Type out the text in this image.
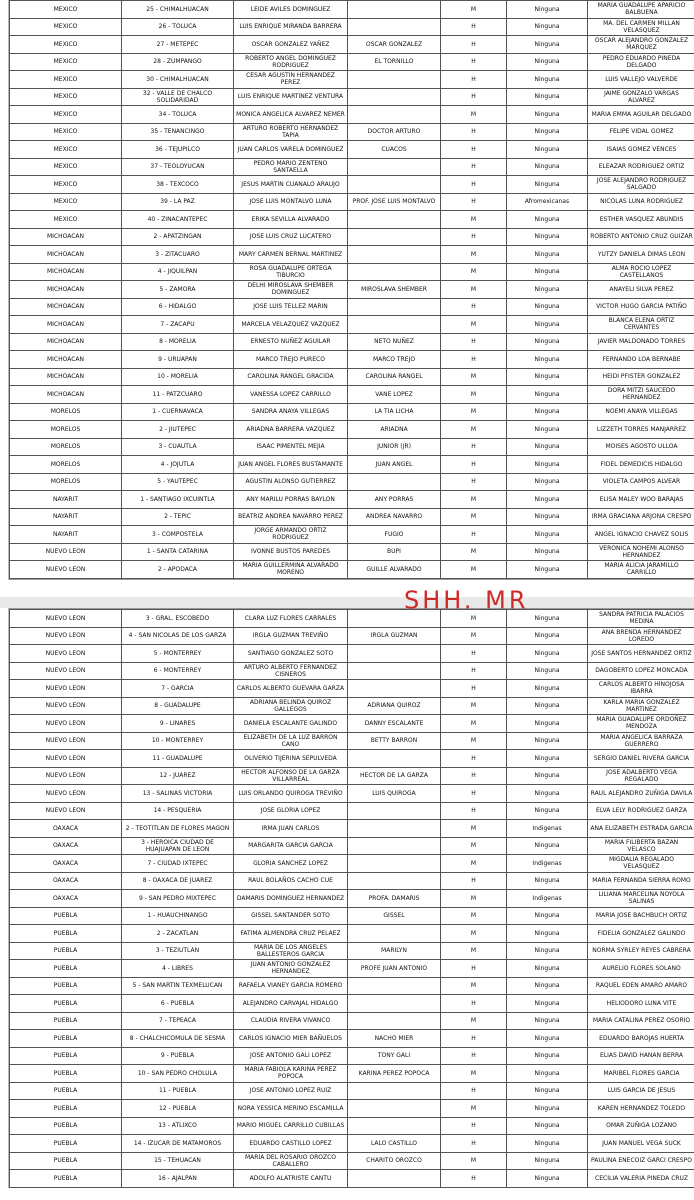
MEXICO	25 - CHIMALHUACAN	LEIDE AVILES DOMINGUEZ		M	Ninguna	MARIA GUADALUPE APARICIO BALBUENA
MEXICO	26 - TOLUCA	LUIS ENRIQUE MIRANDA BARRERA		H	Ninguna	MA. DEL CARMEN MILLAN VELASQUEZ
MEXICO	27 - METEPEC	OSCAR GONZALEZ YAÑEZ	OSCAR GONZALEZ	H	Ninguna	OSCAR ALEJANDRO GONZALEZ MARQUEZ
MEXICO	28 - ZUMPANGO	ROBERTO ANGEL DOMINGUEZ RODRIGUEZ	EL TORNILLO	H	Ninguna	PEDRO EDUARDO PINEDA DELGADO
MEXICO	30 - CHIMALHUACAN	CESAR AGUSTIN HERNANDEZ PEREZ		H	Ninguna	LUIS VALLEJO VALVERDE
MEXICO	32 - VALLE DE CHALCO SOLIDARIDAD	LUIS ENRIQUE MARTINEZ VENTURA		H	Ninguna	JAIME GONZALO VARGAS ALVAREZ
MEXICO	34 - TOLUCA	MONICA ANGELICA ALVAREZ NEMER		M	Ninguna	MARIA EMMA AGUILAR DELGADO
MEXICO	35 - TENANCINGO	ARTURO ROBERTO HERNANDEZ TAPIA	DOCTOR ARTURO	H	Ninguna	FELIPE VIDAL GOMEZ
MEXICO	36 - TEJUPILCO	JUAN CARLOS VARELA DOMINGUEZ	CUACOS	H	Ninguna	ISAIAS GOMEZ VENCES
MEXICO	37 - TEOLOYUCAN	PEDRO MARIO ZENTENO SANTAELLA		H	Ninguna	ELEAZAR RODRIGUEZ ORTIZ
MEXICO	38 - TEXCOCO	JESUS MARTIN CUANALO ARAUJO		H	Ninguna	JOSE ALEJANDRO RODRIGUEZ SALGADO
MEXICO	39 - LA PAZ	JOSE LUIS MONTALVO LUNA	PROF. JOSE LUIS MONTALVO	H	Afromexicanas	NICOLAS LUNA RODRIGUEZ
MEXICO	40 - ZINACANTEPEC	ERIKA SEVILLA ALVARADO		M	Ninguna	ESTHER VASQUEZ ABUNDIS
MICHOACAN	2 - APATZINGAN	JOSE LUIS CRUZ LUCATERO		H	Ninguna	ROBERTO ANTONIO CRUZ GUIZAR
MICHOACAN	3 - ZITACUARO	MARY CARMEN BERNAL MARTINEZ		M	Ninguna	YUTZY DANIELA DIMAS LEON
MICHOACAN	4 - JIQUILPAN	ROSA GUADALUPE ORTEGA TIBURCIO		M	Ninguna	ALMA ROCIO LOPEZ CASTELLANOS
MICHOACAN	5 - ZAMORA	DELHI MIROSLAVA SHEMBER DOMINGUEZ	MIROSLAVA SHEMBER	M	Ninguna	ANAYELI SILVA PEREZ
MICHOACAN	6 - HIDALGO	JOSE LUIS TELLEZ MARIN		H	Ninguna	VICTOR HUGO GARCIA PATIÑO
MICHOACAN	7 - ZACAPU	MARCELA VELAZQUEZ VAZQUEZ		M	Ninguna	BLANCA ELENA ORTIZ CERVANTES
MICHOACAN	8 - MORELIA	ERNESTO NUÑEZ AGUILAR	NETO NUÑEZ	H	Ninguna	JAVIER MALDONADO TORRES
MICHOACAN	9 - URUAPAN	MARCO TREJO PURECO	MARCO TREJO	H	Ninguna	FERNANDO LOA BERNABE
MICHOACAN	10 - MORELIA	CAROLINA RANGEL GRACIDA	CAROLINA RANGEL	M	Ninguna	HEIDI PFISTER GONZALEZ
MICHOACAN	11 - PATZCUARO	VANESSA LOPEZ CARRILLO	VANE LOPEZ	M	Ninguna	DORA MITZI SAUCEDO HERNANDEZ
MORELOS	1 - CUERNAVACA	SANDRA ANAYA VILLEGAS	LA TIA LICHA	M	Ninguna	NOEMI ANAYA VILLEGAS
MORELOS	2 - JIUTEPEC	ARIADNA BARRERA VAZQUEZ	ARIADNA	M	Ninguna	LIZZETH TORRES MANJARREZ
MORELOS	3 - CUAUTLA	ISAAC PIMENTEL MEJIA	JUNIOR (JR)	H	Ninguna	MOISES AGOSTO ULLOA
MORELOS	4 - JOJUTLA	JUAN ANGEL FLORES BUSTAMANTE	JUAN ANGEL	H	Ninguna	FIDEL DEMEDICIS HIDALGO
MORELOS	5 - YAUTEPEC	AGUSTIN ALONSO GUTIERREZ		H	Ninguna	VIOLETA CAMPOS ALVEAR
NAYARIT	1 - SANTIAGO IXCUINTLA	ANY MARILU PORRAS BAYLON	ANY PORRAS	M	Ninguna	ELISA MALEY WOO BARAJAS
NAYARIT	2 - TEPIC	BEATRIZ ANDREA NAVARRO PEREZ	ANDREA NAVARRO	M	Ninguna	IRMA GRACIANA ARJONA CRESPO
NAYARIT	3 - COMPOSTELA	JORGE ARMANDO ORTIZ RODRIGUEZ	FUGIO	H	Ninguna	ANGEL IGNACIO CHAVEZ SOLIS
NUEVO LEON	1 - SANTA CATARINA	IVONNE BUSTOS PAREDES	BUPI	M	Ninguna	VERONICA NOHEMI ALONSO HERNANDEZ
NUEVO LEON	2 - APODACA	MARIA GUILLERMINA ALVARADO MORENO	GUILLE ALVARADO	M	Ninguna	MARIA ALICIA JARAMILLO CARRILLO
NUEVO LEON	3 - GRAL. ESCOBEDO	CLARA LUZ FLORES CARRALES		M	Ninguna	SANDRA PATRICIA PALACIOS MEDINA
NUEVO LEON	4 - SAN NICOLAS DE LOS GARZA	IRGLA GUZMAN TREVIÑO	IRGLA GUZMAN	M	Ninguna	ANA BRENDA HERNANDEZ LOREDO
NUEVO LEON	5 - MONTERREY	SANTIAGO GONZALEZ SOTO		H	Ninguna	JOSE SANTOS HERNANDEZ ORTIZ
NUEVO LEON	6 - MONTERREY	ARTURO ALBERTO FERNANDEZ CISNEROS		H	Ninguna	DAGOBERTO LOPEZ MONCADA
NUEVO LEON	7 - GARCIA	CARLOS ALBERTO GUEVARA GARZA		H	Ninguna	CARLOS ALBERTO HINOJOSA IBARRA
NUEVO LEON	8 - GUADALUPE	ADRIANA BELINDA QUIROZ GALLEGOS	ADRIANA QUIROZ	M	Ninguna	KARLA MARIA GONZALEZ MARTINEZ
NUEVO LEON	9 - LINARES	DANIELA ESCALANTE GALINDO	DANNY ESCALANTE	M	Ninguna	MARIA GUADALUPE ORDOÑEZ MENDOZA
NUEVO LEON	10 - MONTERREY	ELIZABETH DE LA LUZ BARRON CANO	BETTY BARRON	M	Ninguna	MARIA ANGELICA BARRAZA GUERRERO
NUEVO LEON	11 - GUADALUPE	OLIVERIO TIJERINA SEPULVEDA		H	Ninguna	SERGIO DANIEL RIVERA GARCIA
NUEVO LEON	12 - JUAREZ	HECTOR ALFONSO DE LA GARZA VILLARREAL	HECTOR DE LA GARZA	H	Ninguna	JOSE ADALBERTO VEGA REGALADO
NUEVO LEON	13 - SALINAS VICTORIA	LUIS ORLANDO QUIROGA TREVIÑO	LUIS QUIROGA	H	Ninguna	RAUL ALEJANDRO ZUÑIGA DAVILA
NUEVO LEON	14 - PESQUERIA	JOSE GLORIA LOPEZ		H	Ninguna	ELVA LELY RODRIGUEZ GARZA
OAXACA	2 - TEOTITLAN DE FLORES MAGON	IRMA JUAN CARLOS		M	Indigenas	ANA ELIZABETH ESTRADA GARCIA
OAXACA	3 - HEROICA CIUDAD DE HUAJUAPAN DE LEON	MARGARITA GARCIA GARCIA		M	Ninguna	MARIA FILIBERTA BAZAN VELASCO
OAXACA	7 - CIUDAD IXTEPEC	GLORIA SANCHEZ LOPEZ		M	Indigenas	MIGDALIA REGALADO VELASQUEZ
OAXACA	8 - OAXACA DE JUAREZ	RAUL BOLAÑOS CACHO CUE		H	Ninguna	MARIA FERNANDA SIERRA ROMO
OAXACA	9 - SAN PEDRO MIXTEPEC	DAMARIS DOMINGUEZ HERNANDEZ	PROFA. DAMARIS	M	Indigenas	LILIANA MARCELINA NOYOLA SALINAS
PUEBLA	1 - HUAUCHINANGO	GISSEL SANTANDER SOTO	GISSEL	M	Ninguna	MARIA JOSE BACHBUCH ORTIZ
PUEBLA	2 - ZACATLAN	FATIMA ALMENDRA CRUZ PELAEZ		M	Ninguna	FIDELIA GONZALEZ GALINDO
PUEBLA	3 - TEZIUTLAN	MARIA DE LOS ANGELES BALLESTEROS GARCIA	MARILYN	M	Ninguna	NORMA SYRLEY REYES CABRERA
PUEBLA	4 - LIBRES	JUAN ANTONIO GONZALEZ HERNANDEZ	PROFE JUAN ANTONIO	H	Ninguna	AURELIO FLORES SOLANO
PUEBLA	5 - SAN MARTIN TEXMELUCAN	RAFAELA VIANEY GARCIA ROMERO		M	Ninguna	RAQUEL EDEN AMARO AMARO
PUEBLA	6 - PUEBLA	ALEJANDRO CARVAJAL HIDALGO		H	Ninguna	HELIODORO LUNA VITE
PUEBLA	7 - TEPEACA	CLAUDIA RIVERA VIVANCO		M	Ninguna	MARIA CATALINA PEREZ OSORIO
PUEBLA	8 - CHALCHICOMULA DE SESMA	CARLOS IGNACIO MIER BAÑUELOS	NACHO MIER	H	Ninguna	EDUARDO BAROJAS HUERTA
PUEBLA	9 - PUEBLA	JOSE ANTONIO GALI LOPEZ	TONY GALI	H	Ninguna	ELIAS DAVID HANAN BERRA
PUEBLA	10 - SAN PEDRO CHOLULA	MARIA FABIOLA KARINA PEREZ POPOCA	KARINA PEREZ POPOCA	M	Ninguna	MARIBEL FLORES GARCIA
PUEBLA	11 - PUEBLA	JOSE ANTONIO LOPEZ RUIZ		H	Ninguna	LUIS GARCIA DE JESUS
PUEBLA	12 - PUEBLA	NORA YESSICA MERINO ESCAMILLA		M	Ninguna	KAREN HERNANDEZ TOLEDO
PUEBLA	13 - ATLIXCO	MARIO MIGUEL CARRILLO CUBILLAS		H	Ninguna	OMAR ZUÑIGA LOZANO
PUEBLA	14 - IZUCAR DE MATAMOROS	EDUARDO CASTILLO LOPEZ	LALO CASTILLO	H	Ninguna	JUAN MANUEL VEGA SUCK
PUEBLA	15 - TEHUACAN	MARIA DEL ROSARIO OROZCO CABALLERO	CHARITO OROZCO	M	Ninguna	PAULINA ENECOIZ GARCI CRESPO
PUEBLA	16 - AJALPAN	ADOLFO ALATRISTE CANTU		H	Ninguna	CECILIA VALERIA PINEDA CRUZ
SHH. MR
